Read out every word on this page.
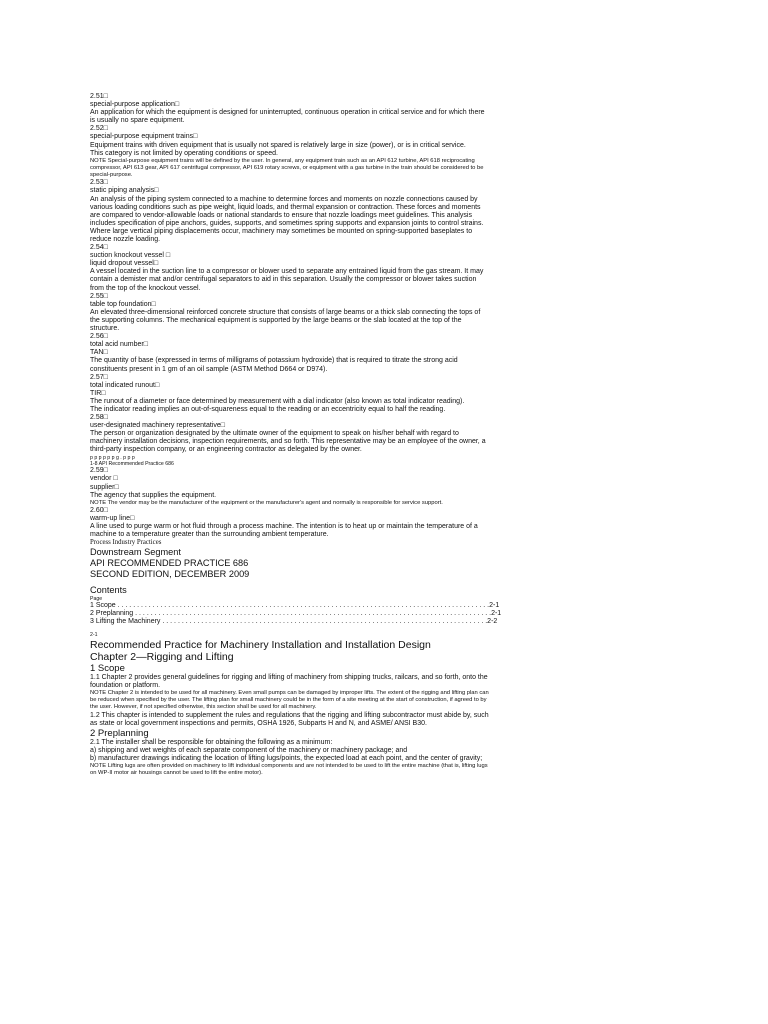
2.51□
special-purpose application□
An application for which the equipment is designed for uninterrupted, continuous operation in critical service and for which there is usually no spare equipment.
2.52□
special-purpose equipment trains□
Equipment trains with driven equipment that is usually not spared is relatively large in size (power), or is in critical service.
This category is not limited by operating conditions or speed.
NOTE Special-purpose equipment trains will be defined by the user. In general, any equipment train such as an API 612 turbine, API 618 reciprocating compressor, API 613 gear, API 617 centrifugal compressor, API 619 rotary screws, or equipment with a gas turbine in the train should be considered to be special-purpose.
2.53□
static piping analysis□
An analysis of the piping system connected to a machine to determine forces and moments on nozzle connections caused by various loading conditions such as pipe weight, liquid loads, and thermal expansion or contraction. These forces and moments are compared to vendor-allowable loads or national standards to ensure that nozzle loadings meet guidelines. This analysis includes specification of pipe anchors, guides, supports, and sometimes spring supports and expansion joints to control strains. Where large vertical piping displacements occur, machinery may sometimes be mounted on spring-supported baseplates to reduce nozzle loading.
2.54□
suction knockout vessel □
liquid dropout vessel□
A vessel located in the suction line to a compressor or blower used to separate any entrained liquid from the gas stream. It may contain a demister mat and/or centrifugal separators to aid in this separation. Usually the compressor or blower takes suction from the top of the knockout vessel.
2.55□
table top foundation□
An elevated three-dimensional reinforced concrete structure that consists of large beams or a thick slab connecting the tops of the supporting columns. The mechanical equipment is supported by the large beams or the slab located at the top of the structure.
2.56□
total acid number□
TAN□
The quantity of base (expressed in terms of milligrams of potassium hydroxide) that is required to titrate the strong acid constituents present in 1 gm of an oil sample (ASTM Method D664 or D974).
2.57□
total indicated runout□
TIR□
The runout of a diameter or face determined by measurement with a dial indicator (also known as total indicator reading).
The indicator reading implies an out-of-squareness equal to the reading or an eccentricity equal to half the reading.
2.58□
user-designated machinery representative□
The person or organization designated by the ultimate owner of the equipment to speak on his/her behalf with regard to machinery installation decisions, inspection requirements, and so forth. This representative may be an employee of the owner, a third-party inspection company, or an engineering contractor as delegated by the owner.
p p p p p p g . p p p
1-8 API Recommended Practice 686
2.59□
vendor □
supplier□
The agency that supplies the equipment.
NOTE The vendor may be the manufacturer of the equipment or the manufacturer's agent and normally is responsible for service support.
2.60□
warm-up line□
A line used to purge warm or hot fluid through a process machine. The intention is to heat up or maintain the temperature of a machine to a temperature greater than the surrounding ambient temperature.
Process Industry Practices
Downstream Segment
API RECOMMENDED PRACTICE 686
SECOND EDITION, DECEMBER 2009
Contents
Page
1 Scope . . . . . . . . . . . . . . . . . . . . . . . . . . . . . . . . . . . . . . . . . . . . . . . . . . . . . . . . . . . . . . . . . . . . . . . . . . . . . . . . . . . . . . . . . . . . . . . .2-1
2 Preplanning . . . . . . . . . . . . . . . . . . . . . . . . . . . . . . . . . . . . . . . . . . . . . . . . . . . . . . . . . . . . . . . . . . . . . . . . . . . . . . . . . . . . . . . . . . . .2-1
3 Lifting the Machinery . . . . . . . . . . . . . . . . . . . . . . . . . . . . . . . . . . . . . . . . . . . . . . . . . . . . . . . . . . . . . . . . . . . . . . . . . . . . . . . . . . . .2-2
2-1
Recommended Practice for Machinery Installation and Installation Design
Chapter 2—Rigging and Lifting
1 Scope
1.1 Chapter 2 provides general guidelines for rigging and lifting of machinery from shipping trucks, railcars, and so forth, onto the foundation or platform.
NOTE Chapter 2 is intended to be used for all machinery. Even small pumps can be damaged by improper lifts. The extent of the rigging and lifting plan can be reduced when specified by the user. The lifting plan for small machinery could be in the form of a site meeting at the start of construction, if agreed to by the user. However, if not specified otherwise, this section shall be used for all machinery.
1.2 This chapter is intended to supplement the rules and regulations that the rigging and lifting subcontractor must abide by, such as state or local government inspections and permits, OSHA 1926, Subparts H and N, and ASME/ ANSI B30.
2 Preplanning
2.1 The installer shall be responsible for obtaining the following as a minimum:
a) shipping and wet weights of each separate component of the machinery or machinery package; and
b) manufacturer drawings indicating the location of lifting lugs/points, the expected load at each point, and the center of gravity;
NOTE Lifting lugs are often provided on machinery to lift individual components and are not intended to be used to lift the entire machine (that is, lifting lugs on WP-II motor air housings cannot be used to lift the entire motor).
